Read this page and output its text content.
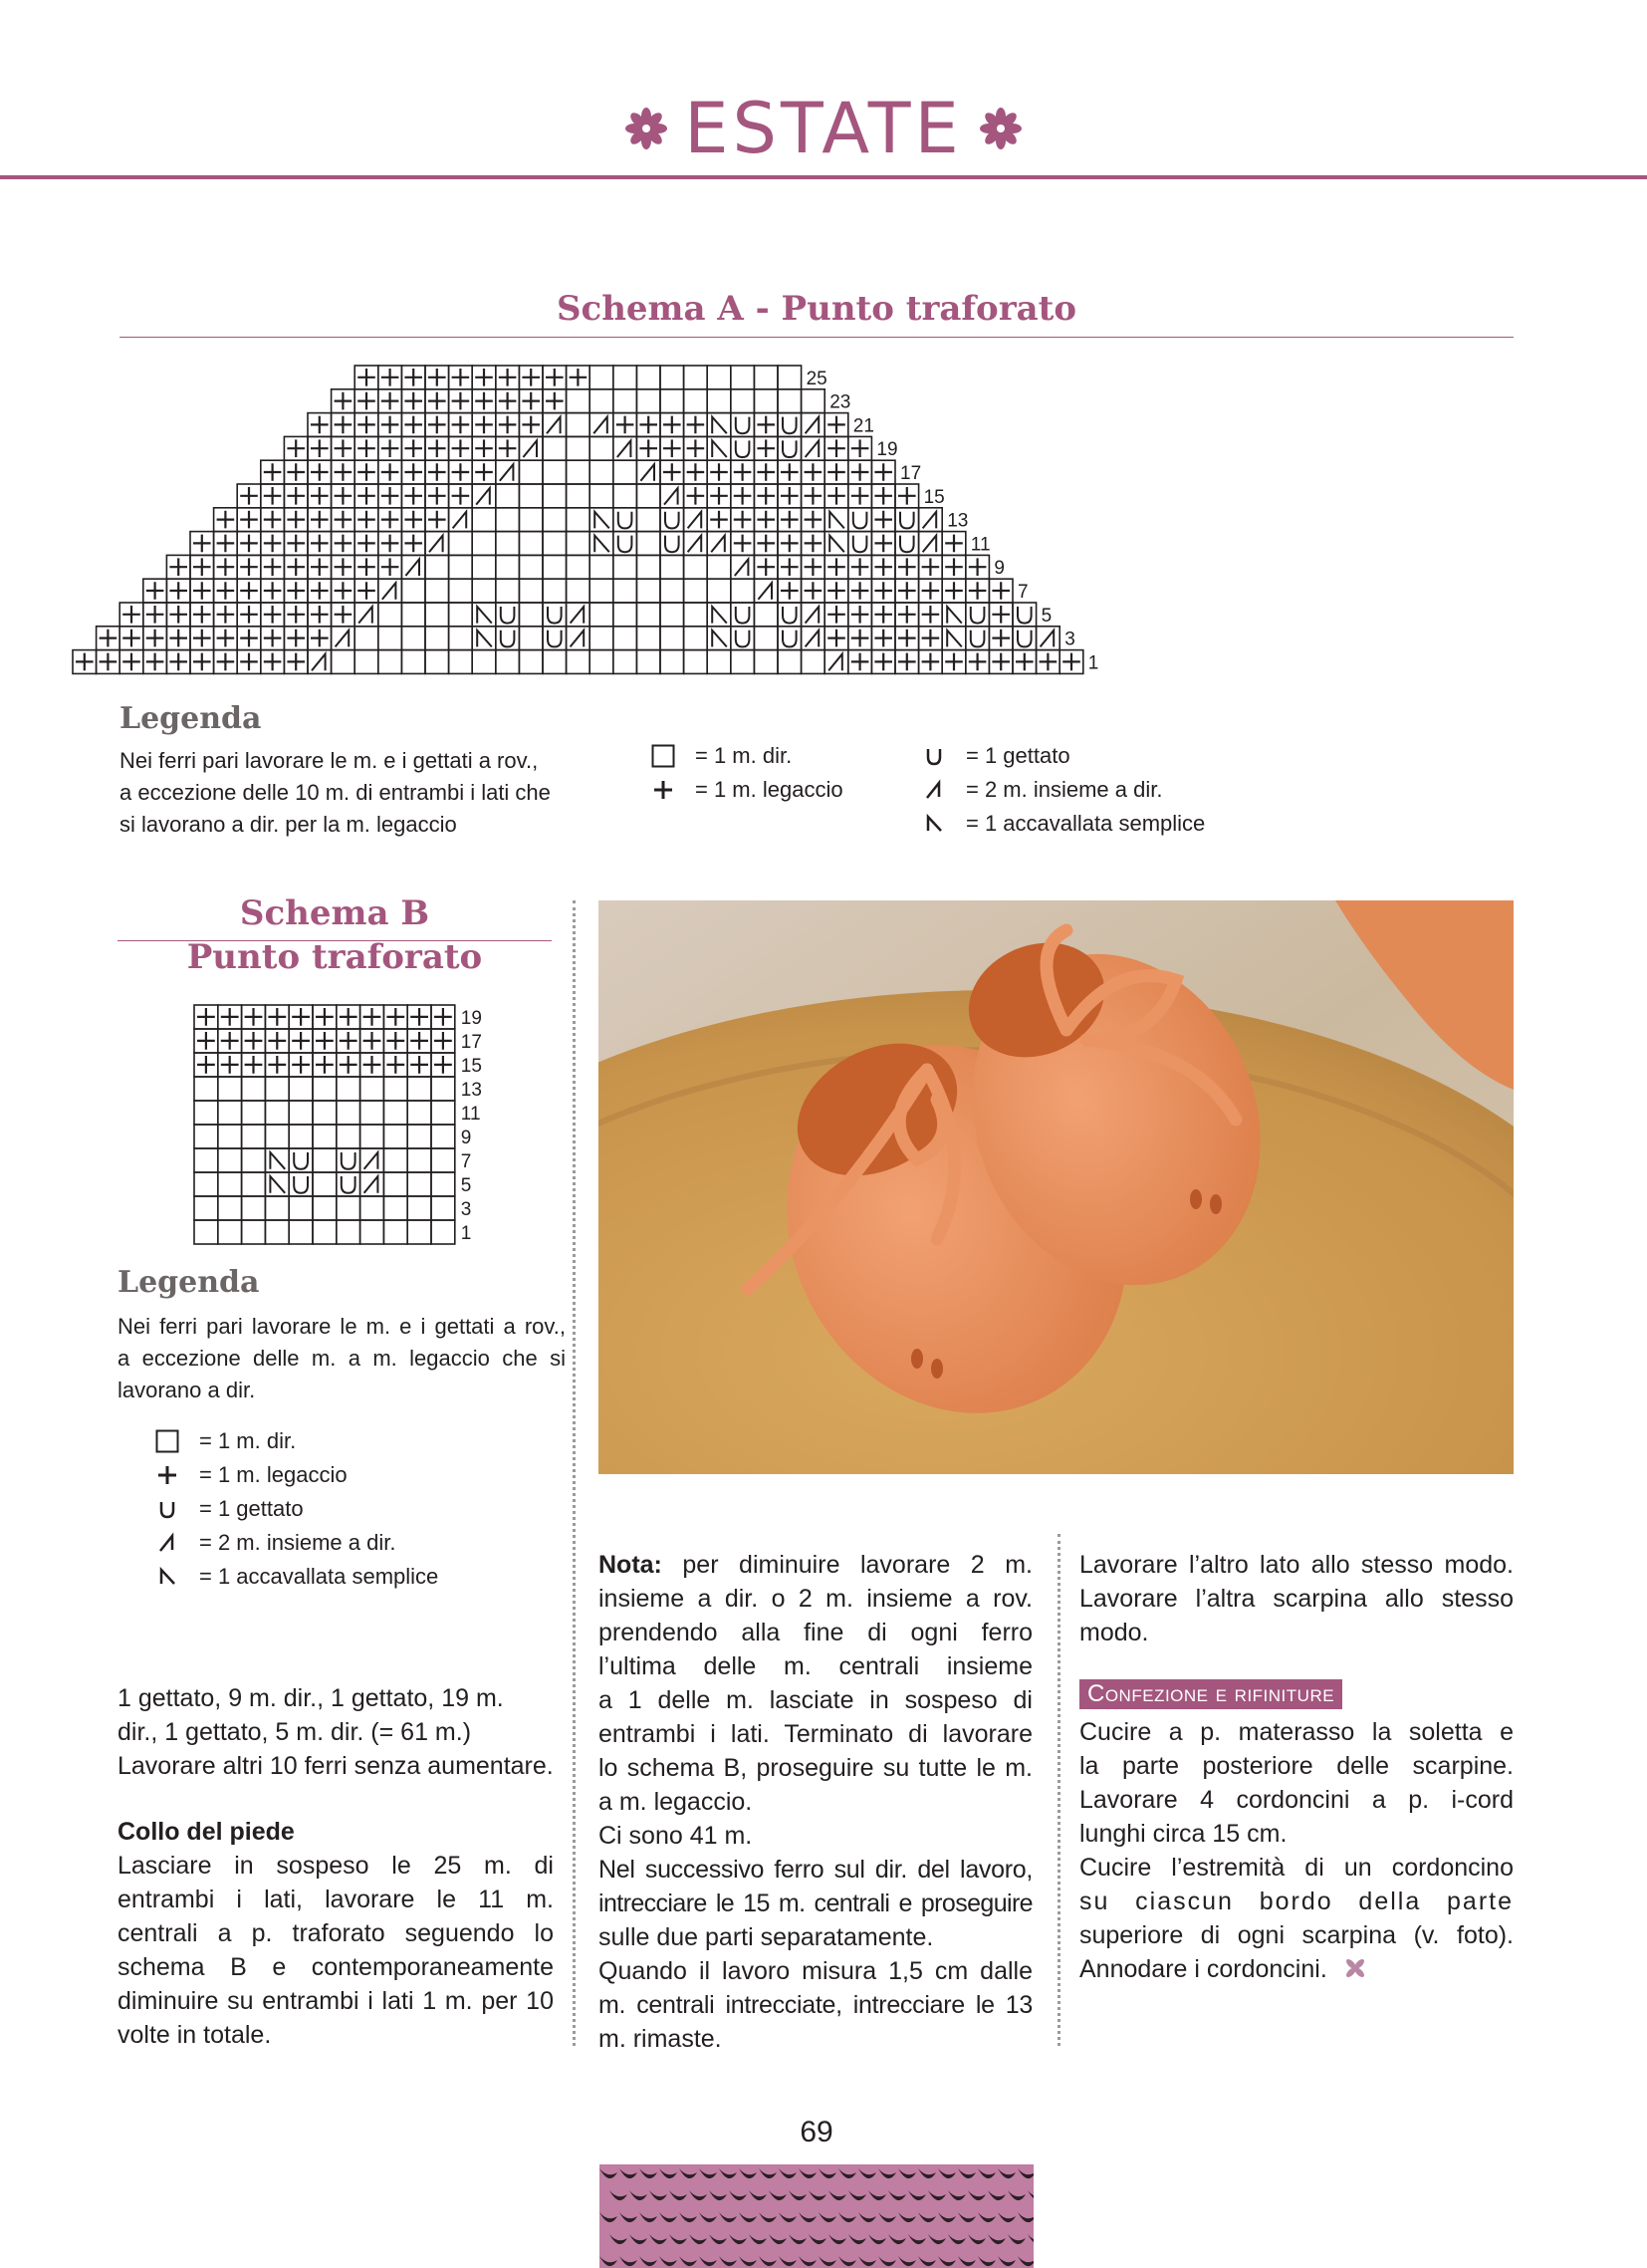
ESTATE
Schema A - Punto traforato
25
23
21
19
17
15
13
11
9
7
5
3
1
Legenda
Nei ferri pari lavorare le m. e i gettati a rov.,
a eccezione delle 10 m. di entrambi i lati che
si lavorano a dir. per la m. legaccio
= 1 m. dir.
= 1 m. legaccio
= 1 gettato
= 2 m. insieme a dir.
= 1 accavallata semplice
Schema B
Punto traforato
19
17
15
13
11
9
7
5
3
1
Legenda
Nei ferri pari lavorare le m. e i gettati a rov.,
a eccezione delle m. a m. legaccio che si
lavorano a dir.
= 1 m. dir.
= 1 m. legaccio
= 1 gettato
= 2 m. insieme a dir.
= 1 accavallata semplice
1 gettato, 9 m. dir., 1 gettato, 19 m.
dir., 1 gettato, 5 m. dir. (= 61 m.)
Lavorare altri 10 ferri senza aumentare.
Collo del piede
Lasciare in sospeso le 25 m. di
entrambi i lati, lavorare le 11 m.
centrali a p. traforato seguendo lo
schema B e contemporaneamente
diminuire su entrambi i lati 1 m. per 10
volte in totale.
Nota: per diminuire lavorare 2 m.
insieme a dir. o 2 m. insieme a rov.
prendendo alla fine di ogni ferro
l’ultima delle m. centrali insieme
a 1 delle m. lasciate in sospeso di
entrambi i lati. Terminato di lavorare
lo schema B, proseguire su tutte le m.
a m. legaccio.
Ci sono 41 m.
Nel successivo ferro sul dir. del lavoro,
intrecciare le 15 m. centrali e proseguire
sulle due parti separatamente.
Quando il lavoro misura 1,5 cm dalle
m. centrali intrecciate, intrecciare le 13
m. rimaste.
Lavorare l’altro lato allo stesso modo.
Lavorare l’altra scarpina allo stesso
modo.
Confezione e rifiniture
Cucire a p. materasso la soletta e
la parte posteriore delle scarpine.
Lavorare 4 cordoncini a p. i-cord
lunghi circa 15 cm.
Cucire l’estremità di un cordoncino
su ciascun bordo della parte
superiore di ogni scarpina (v. foto).
Annodare i cordoncini.
69
